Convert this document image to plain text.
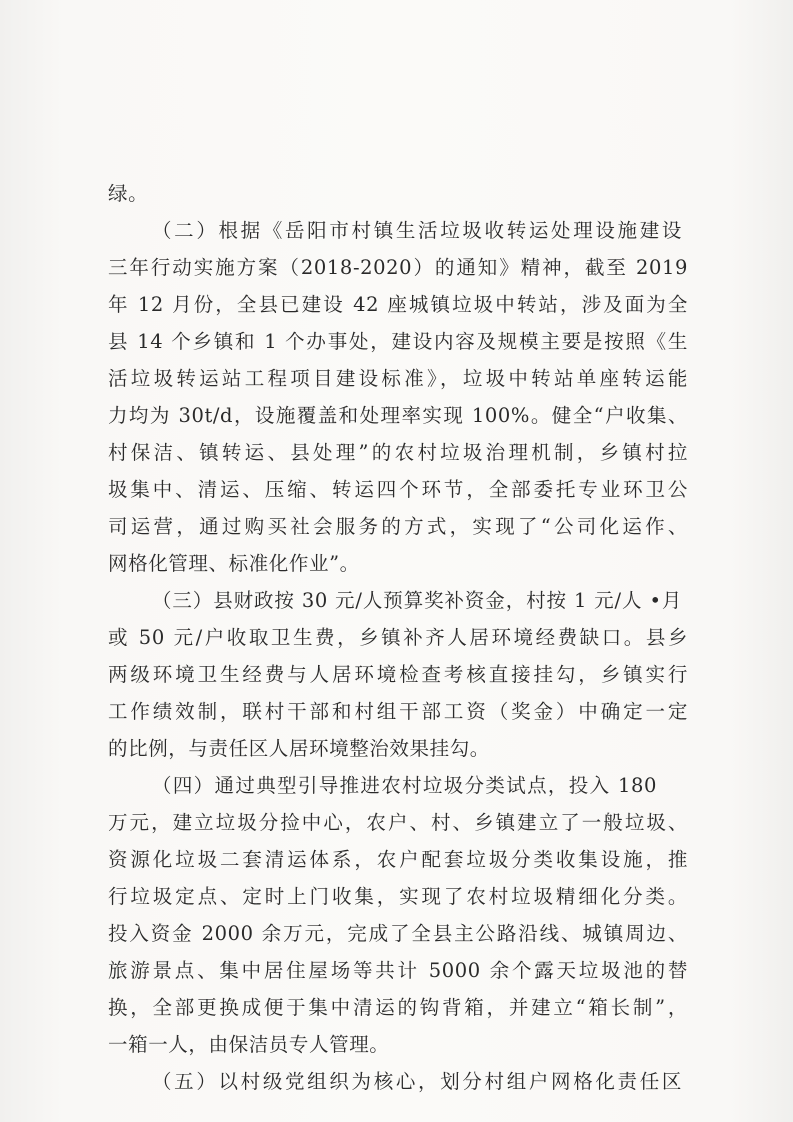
绿。
（二）根据《岳阳市村镇生活垃圾收转运处理设施建设
三年行动实施方案（2018-2020）的通知》精神，截至 2019
年 12 月份，全县已建设 42 座城镇垃圾中转站，涉及面为全
县 14 个乡镇和 1 个办事处，建设内容及规模主要是按照《生
活垃圾转运站工程项目建设标准》，垃圾中转站单座转运能
力均为 30t/d，设施覆盖和处理率实现 100%。健全“户收集、
村保洁、镇转运、县处理”的农村垃圾治理机制，乡镇村拉
圾集中、清运、压缩、转运四个环节，全部委托专业环卫公
司运营，通过购买社会服务的方式，实现了“公司化运作、
网格化管理、标准化作业”。
（三）县财政按 30 元/人预算奖补资金，村按 1 元/人 •月
或 50 元/户收取卫生费，乡镇补齐人居环境经费缺口。县乡
两级环境卫生经费与人居环境检查考核直接挂勾，乡镇实行
工作绩效制，联村干部和村组干部工资（奖金）中确定一定
的比例，与责任区人居环境整治效果挂勾。
（四）通过典型引导推进农村垃圾分类试点，投入 180
万元，建立垃圾分捡中心，农户、村、乡镇建立了一般垃圾、
资源化垃圾二套清运体系，农户配套垃圾分类收集设施，推
行垃圾定点、定时上门收集，实现了农村垃圾精细化分类。
投入资金 2000 余万元，完成了全县主公路沿线、城镇周边、
旅游景点、集中居住屋场等共计 5000 余个露天垃圾池的替
换，全部更换成便于集中清运的钩背箱，并建立“箱长制”，
一箱一人，由保洁员专人管理。
（五）以村级党组织为核心，划分村组户网格化责任区
